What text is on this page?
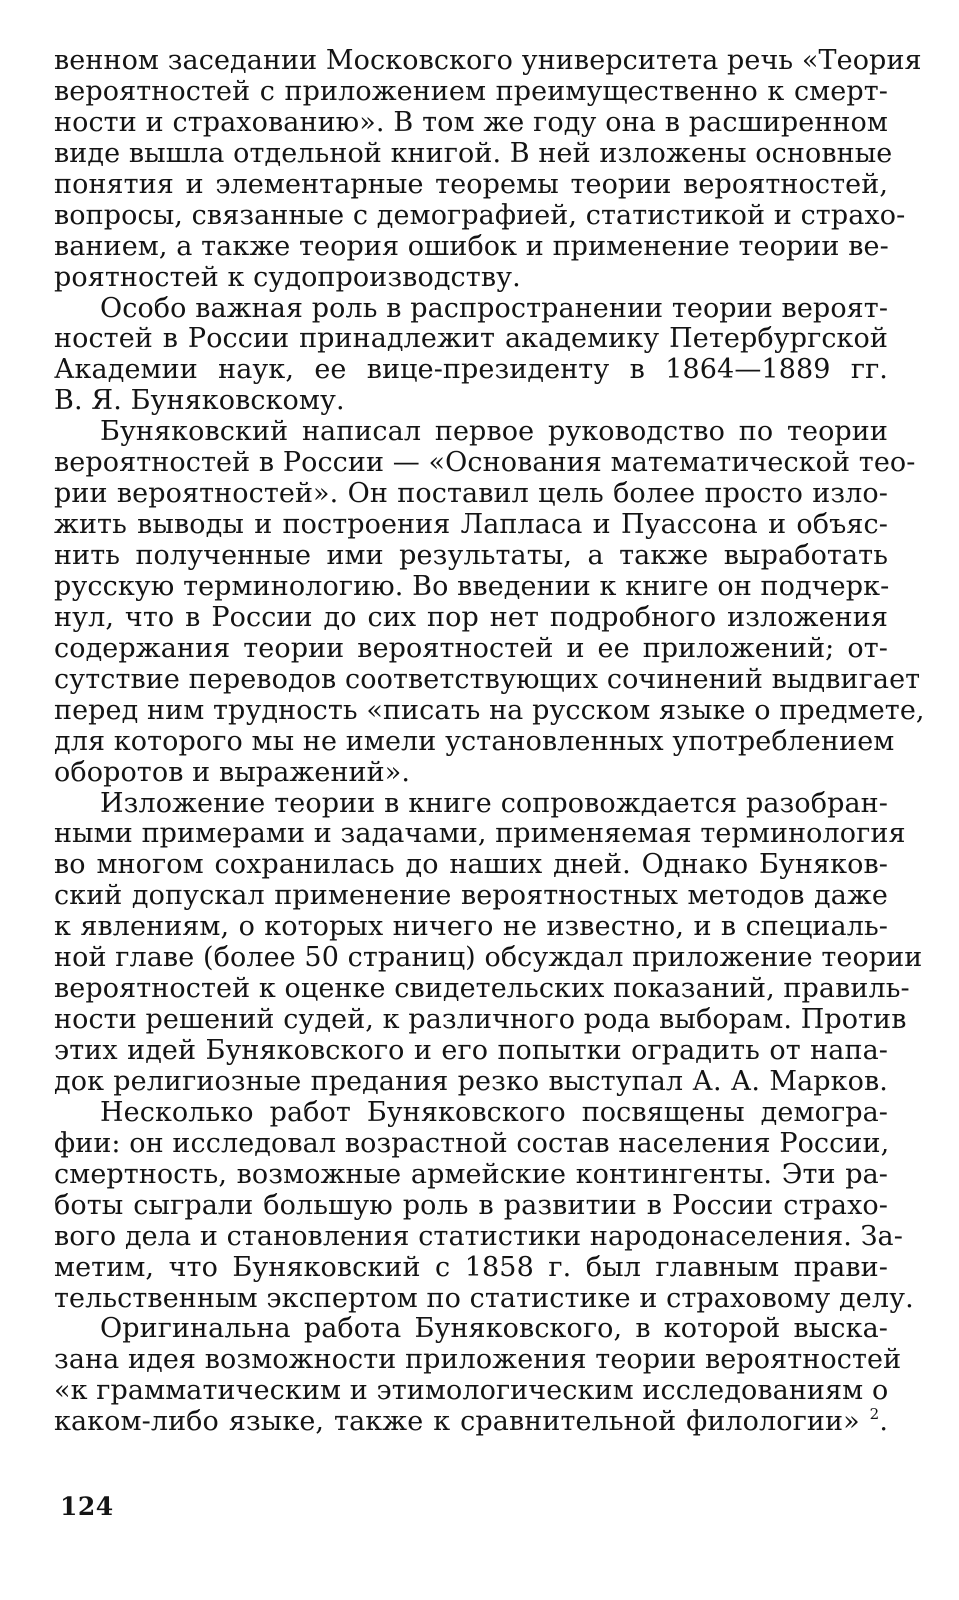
венном заседании Московского университета речь «Теория
вероятностей с приложением преимущественно к смерт-
ности и страхованию». В том же году она в расширенном
виде вышла отдельной книгой. В ней изложены основные
понятия и элементарные теоремы теории вероятностей,
вопросы, связанные с демографией, статистикой и страхо-
ванием, а также теория ошибок и применение теории ве-
роятностей к судопроизводству.
Особо важная роль в распространении теории вероят-
ностей в России принадлежит академику Петербургской
Академии наук, ее вице-президенту в 1864—1889 гг.
В. Я. Буняковскому.
Буняковский написал первое руководство по теории
вероятностей в России — «Основания математической тео-
рии вероятностей». Он поставил цель более просто изло-
жить выводы и построения Лапласа и Пуассона и объяс-
нить полученные ими результаты, а также выработать
русскую терминологию. Во введении к книге он подчерк-
нул, что в России до сих пор нет подробного изложения
содержания теории вероятностей и ее приложений; от-
сутствие переводов соответствующих сочинений выдвигает
перед ним трудность «писать на русском языке о предмете,
для которого мы не имели установленных употреблением
оборотов и выражений».
Изложение теории в книге сопровождается разобран-
ными примерами и задачами, применяемая терминология
во многом сохранилась до наших дней. Однако Буняков-
ский допускал применение вероятностных методов даже
к явлениям, о которых ничего не известно, и в специаль-
ной главе (более 50 страниц) обсуждал приложение теории
вероятностей к оценке свидетельских показаний, правиль-
ности решений судей, к различного рода выборам. Против
этих идей Буняковского и его попытки оградить от напа-
док религиозные предания резко выступал А. А. Марков.
Несколько работ Буняковского посвящены демогра-
фии: он исследовал возрастной состав населения России,
смертность, возможные армейские контингенты. Эти ра-
боты сыграли большую роль в развитии в России страхо-
вого дела и становления статистики народонаселения. За-
метим, что Буняковский с 1858 г. был главным прави-
тельственным экспертом по статистике и страховому делу.
Оригинальна работа Буняковского, в которой выска-
зана идея возможности приложения теории вероятностей
«к грамматическим и этимологическим исследованиям о
каком-либо языке, также к сравнительной филологии» $^2$.
124
